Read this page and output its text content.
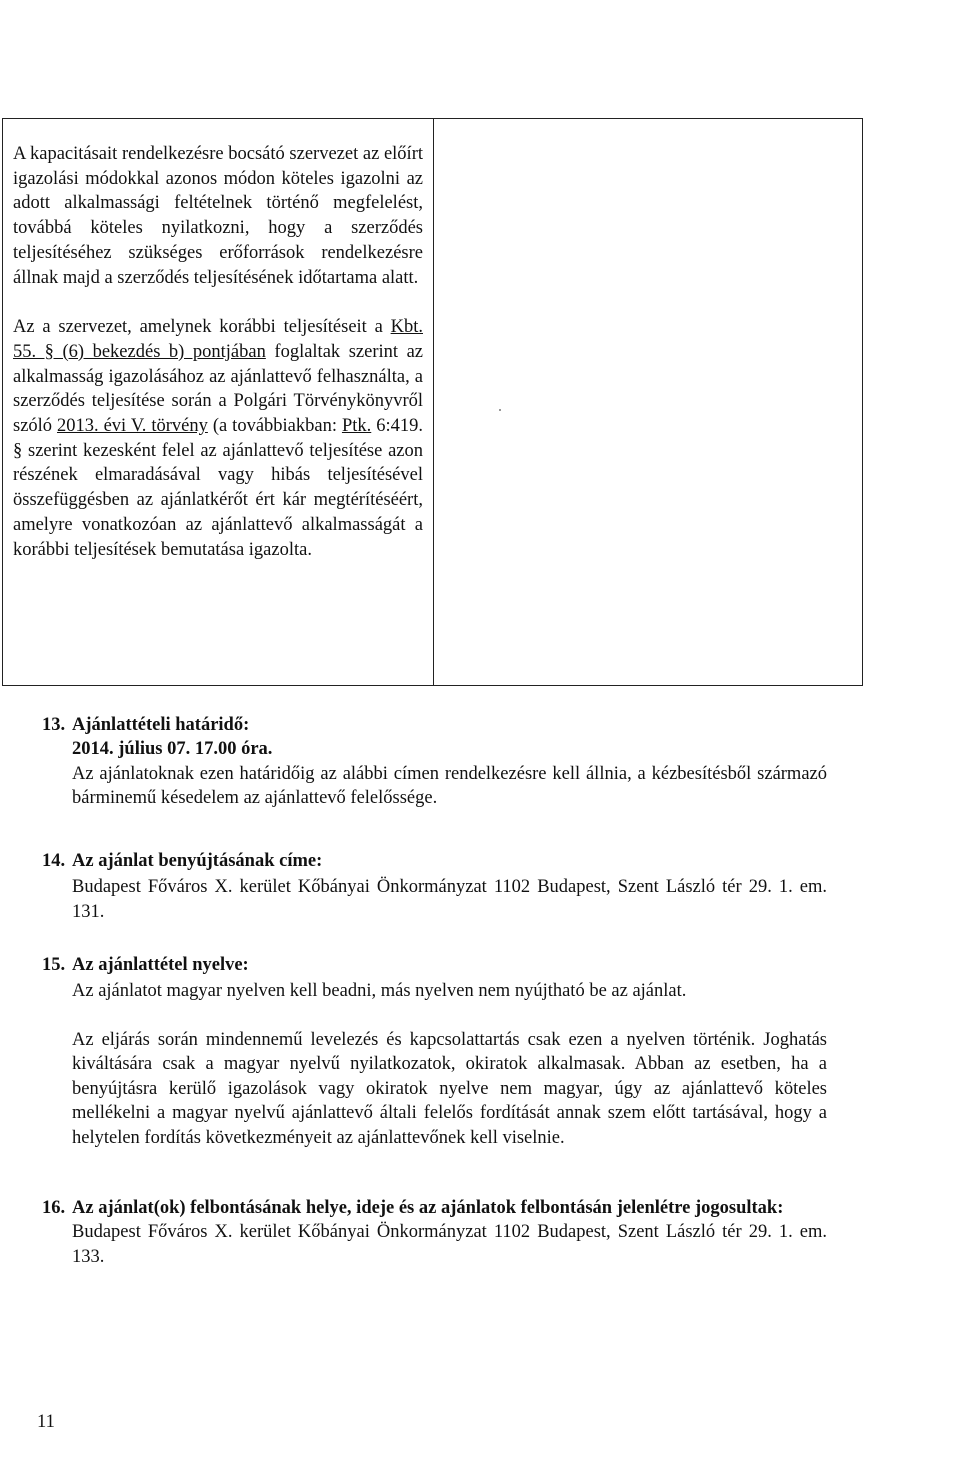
A kapacitásait rendelkezésre bocsátó szervezet az előírt igazolási módokkal azonos módon köteles igazolni az adott alkalmassági feltételnek történő megfelelést, továbbá köteles nyilatkozni, hogy a szerződés teljesítéséhez szükséges erőforrások rendelkezésre állnak majd a szerződés teljesítésének időtartama alatt.

Az a szervezet, amelynek korábbi teljesítéseit a Kbt. 55. § (6) bekezdés b) pontjában foglaltak szerint az alkalmasság igazolásához az ajánlattevő felhasználta, a szerződés teljesítése során a Polgári Törvénykönyvről szóló 2013. évi V. törvény (a továbbiakban: Ptk. 6:419. § szerint kezesként felel az ajánlattevő teljesítése azon részének elmaradásával vagy hibás teljesítésével összefüggésben az ajánlatkérőt ért kár megtérítéséért, amelyre vonatkozóan az ajánlattevő alkalmasságát a korábbi teljesítések bemutatása igazolta.

13. Ajánlattételi határidő:

2014. július 07. 17.00 óra.

Az ajánlatoknak ezen határidőig az alábbi címen rendelkezésre kell állnia, a kézbesítésből származó bárminemű késedelem az ajánlattevő felelőssége.

14. Az ajánlat benyújtásának címe:

Budapest Főváros X. kerület Kőbányai Önkormányzat 1102 Budapest, Szent László tér 29. 1. em. 131.

15. Az ajánlattétel nyelve:

Az ajánlatot magyar nyelven kell beadni, más nyelven nem nyújtható be az ajánlat.

Az eljárás során mindennemű levelezés és kapcsolattartás csak ezen a nyelven történik. Joghatás kiváltására csak a magyar nyelvű nyilatkozatok, okiratok alkalmasak. Abban az esetben, ha a benyújtásra kerülő igazolások vagy okiratok nyelve nem magyar, úgy az ajánlattevő köteles mellékelni a magyar nyelvű ajánlattevő általi felelős fordítását annak szem előtt tartásával, hogy a helytelen fordítás következményeit az ajánlattevőnek kell viselnie.

16. Az ajánlat(ok) felbontásának helye, ideje és az ajánlatok felbontásán jelenlétre jogosultak:

Budapest Főváros X. kerület Kőbányai Önkormányzat 1102 Budapest, Szent László tér 29. 1. em. 133.

11
